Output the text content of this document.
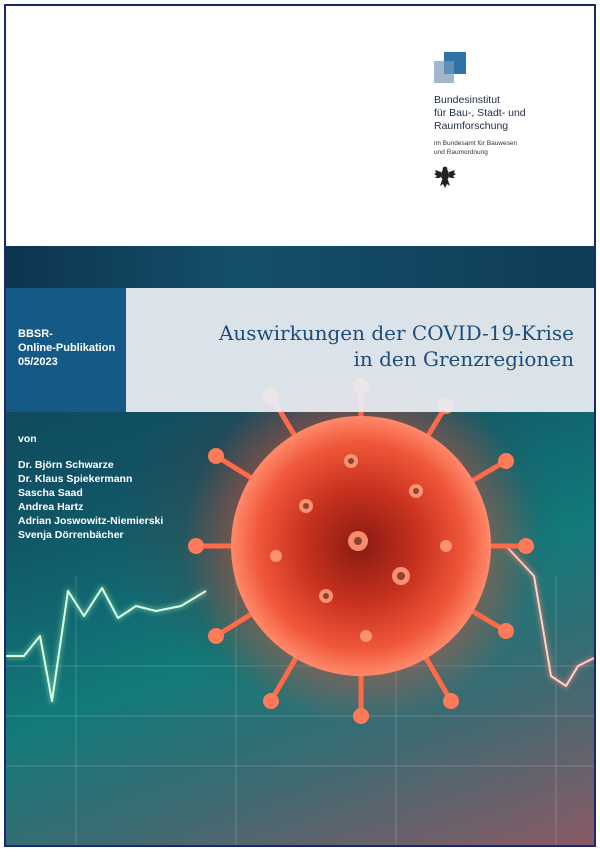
Bundesinstitut
für Bau-, Stadt- und
Raumforschung
im Bundesamt für Bauwesen
und Raumordnung
BBSR-
Online-Publikation
05/2023
Auswirkungen der COVID-19-Krise
in den Grenzregionen
von
Dr. Björn Schwarze
Dr. Klaus Spiekermann
Sascha Saad
Andrea Hartz
Adrian Joswowitz-Niemierski
Svenja Dörrenbächer
